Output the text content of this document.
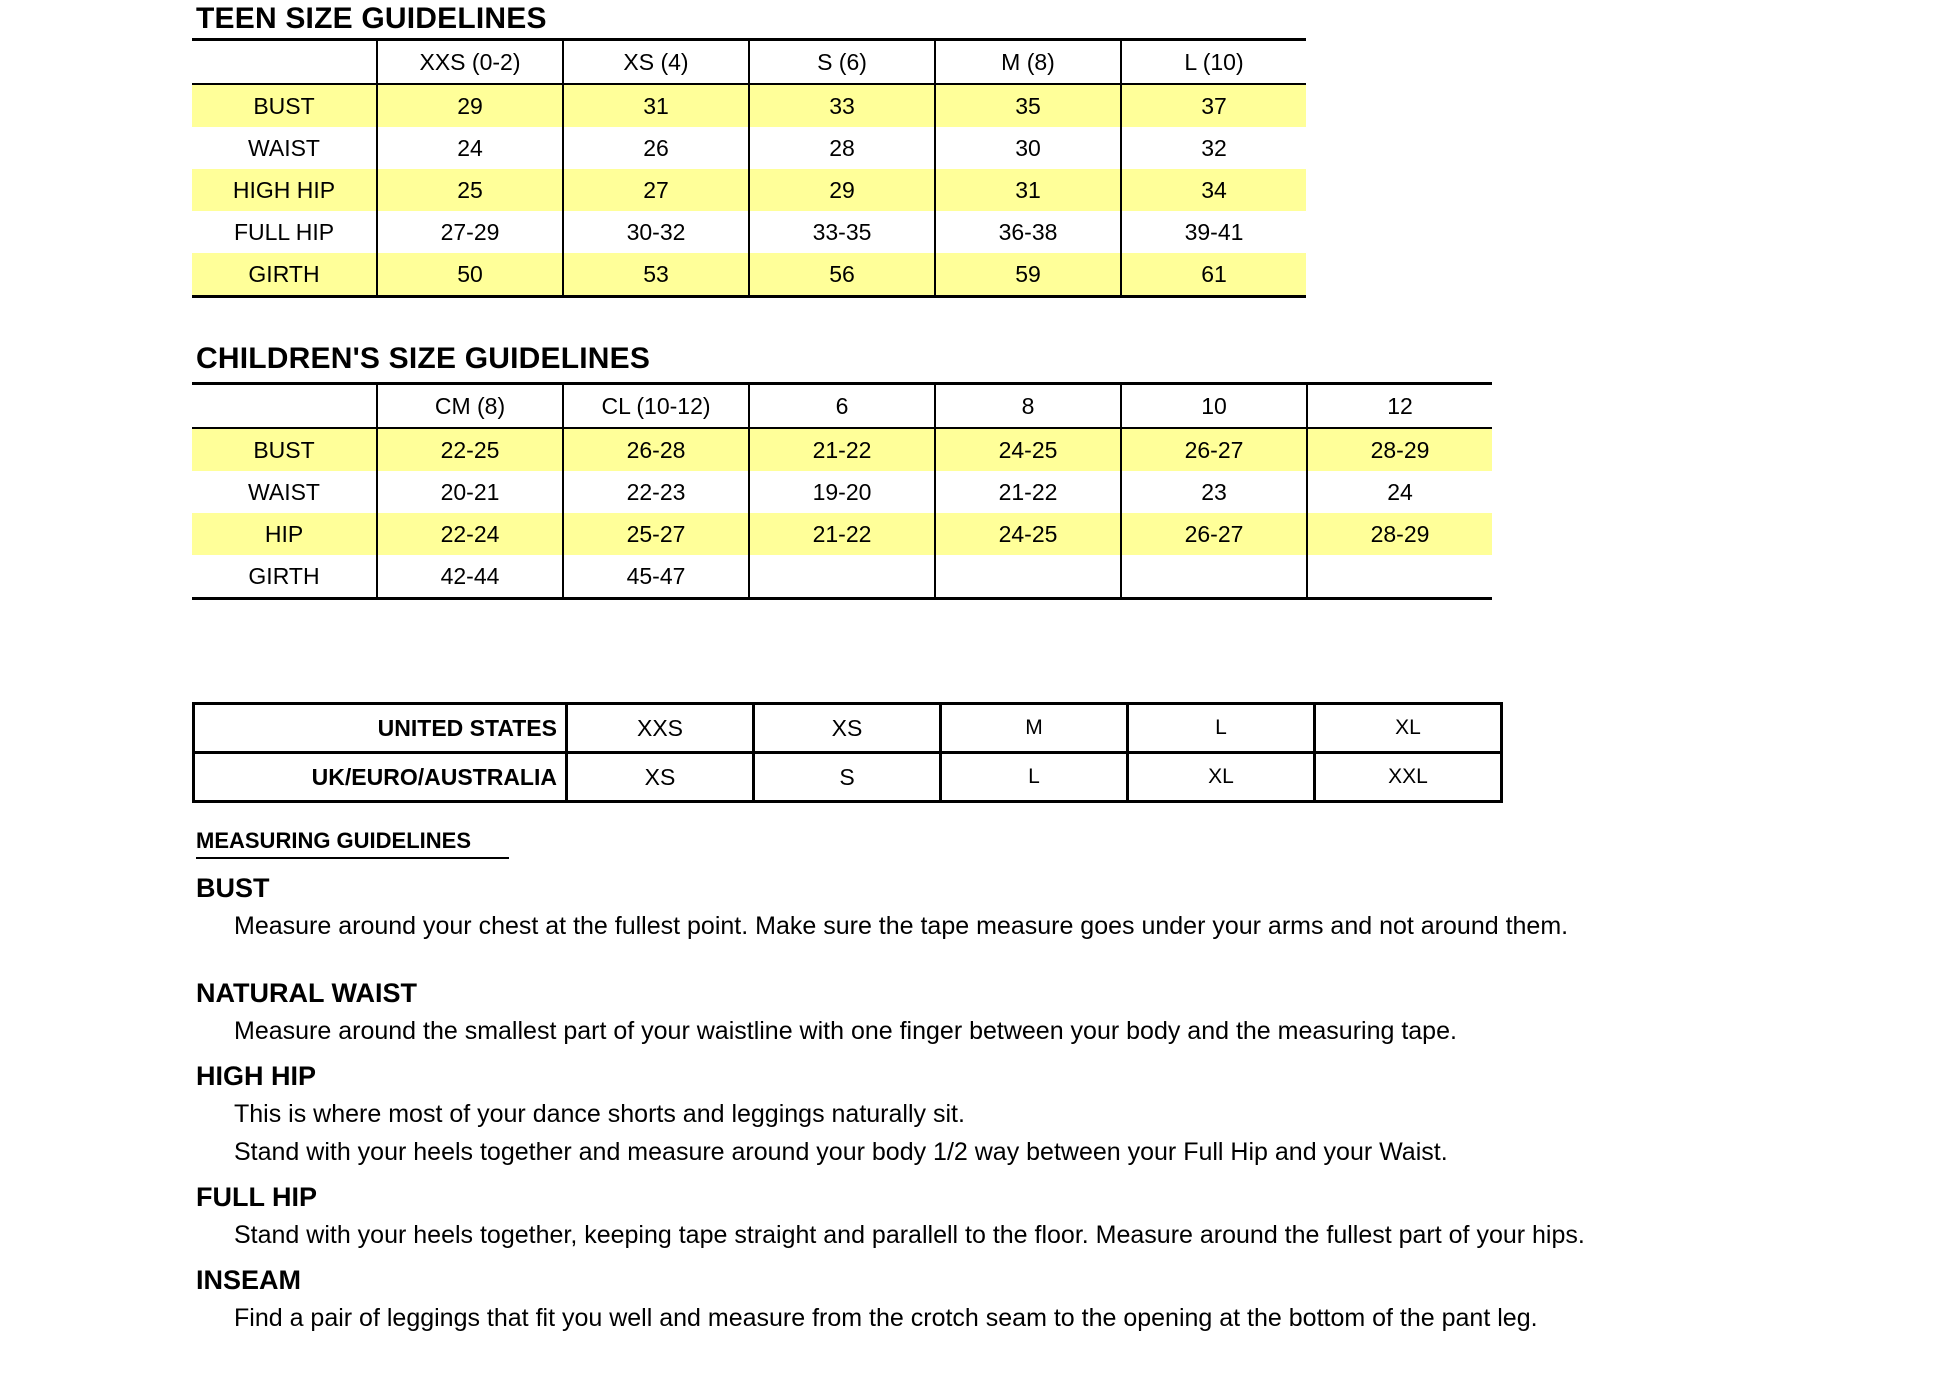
TEEN SIZE GUIDELINES
	XXS (0-2)	XS (4)	S (6)	M (8)	L (10)
BUST	29	31	33	35	37
WAIST	24	26	28	30	32
HIGH HIP	25	27	29	31	34
FULL HIP	27-29	30-32	33-35	36-38	39-41
GIRTH	50	53	56	59	61
CHILDREN'S SIZE GUIDELINES
	CM (8)	CL (10-12)	6	8	10	12
BUST	22-25	26-28	21-22	24-25	26-27	28-29
WAIST	20-21	22-23	19-20	21-22	23	24
HIP	22-24	25-27	21-22	24-25	26-27	28-29
GIRTH	42-44	45-47				
UNITED STATES	XXS	XS	M	L	XL
UK/EURO/AUSTRALIA	XS	S	L	XL	XXL
MEASURING GUIDELINES
BUST
Measure around your chest at the fullest point. Make sure the tape measure goes under your arms and not around them.
NATURAL WAIST
Measure around the smallest part of your waistline with one finger between your body and the measuring tape.
HIGH HIP
This is where most of your dance shorts and leggings naturally sit.
Stand with your heels together and measure around your body 1/2 way between your Full Hip and your Waist.
FULL HIP
Stand with your heels together, keeping tape straight and parallell to the floor. Measure around the fullest part of your hips.
INSEAM
Find a pair of leggings that fit you well and measure from the crotch seam to the opening at the bottom of the pant leg.
